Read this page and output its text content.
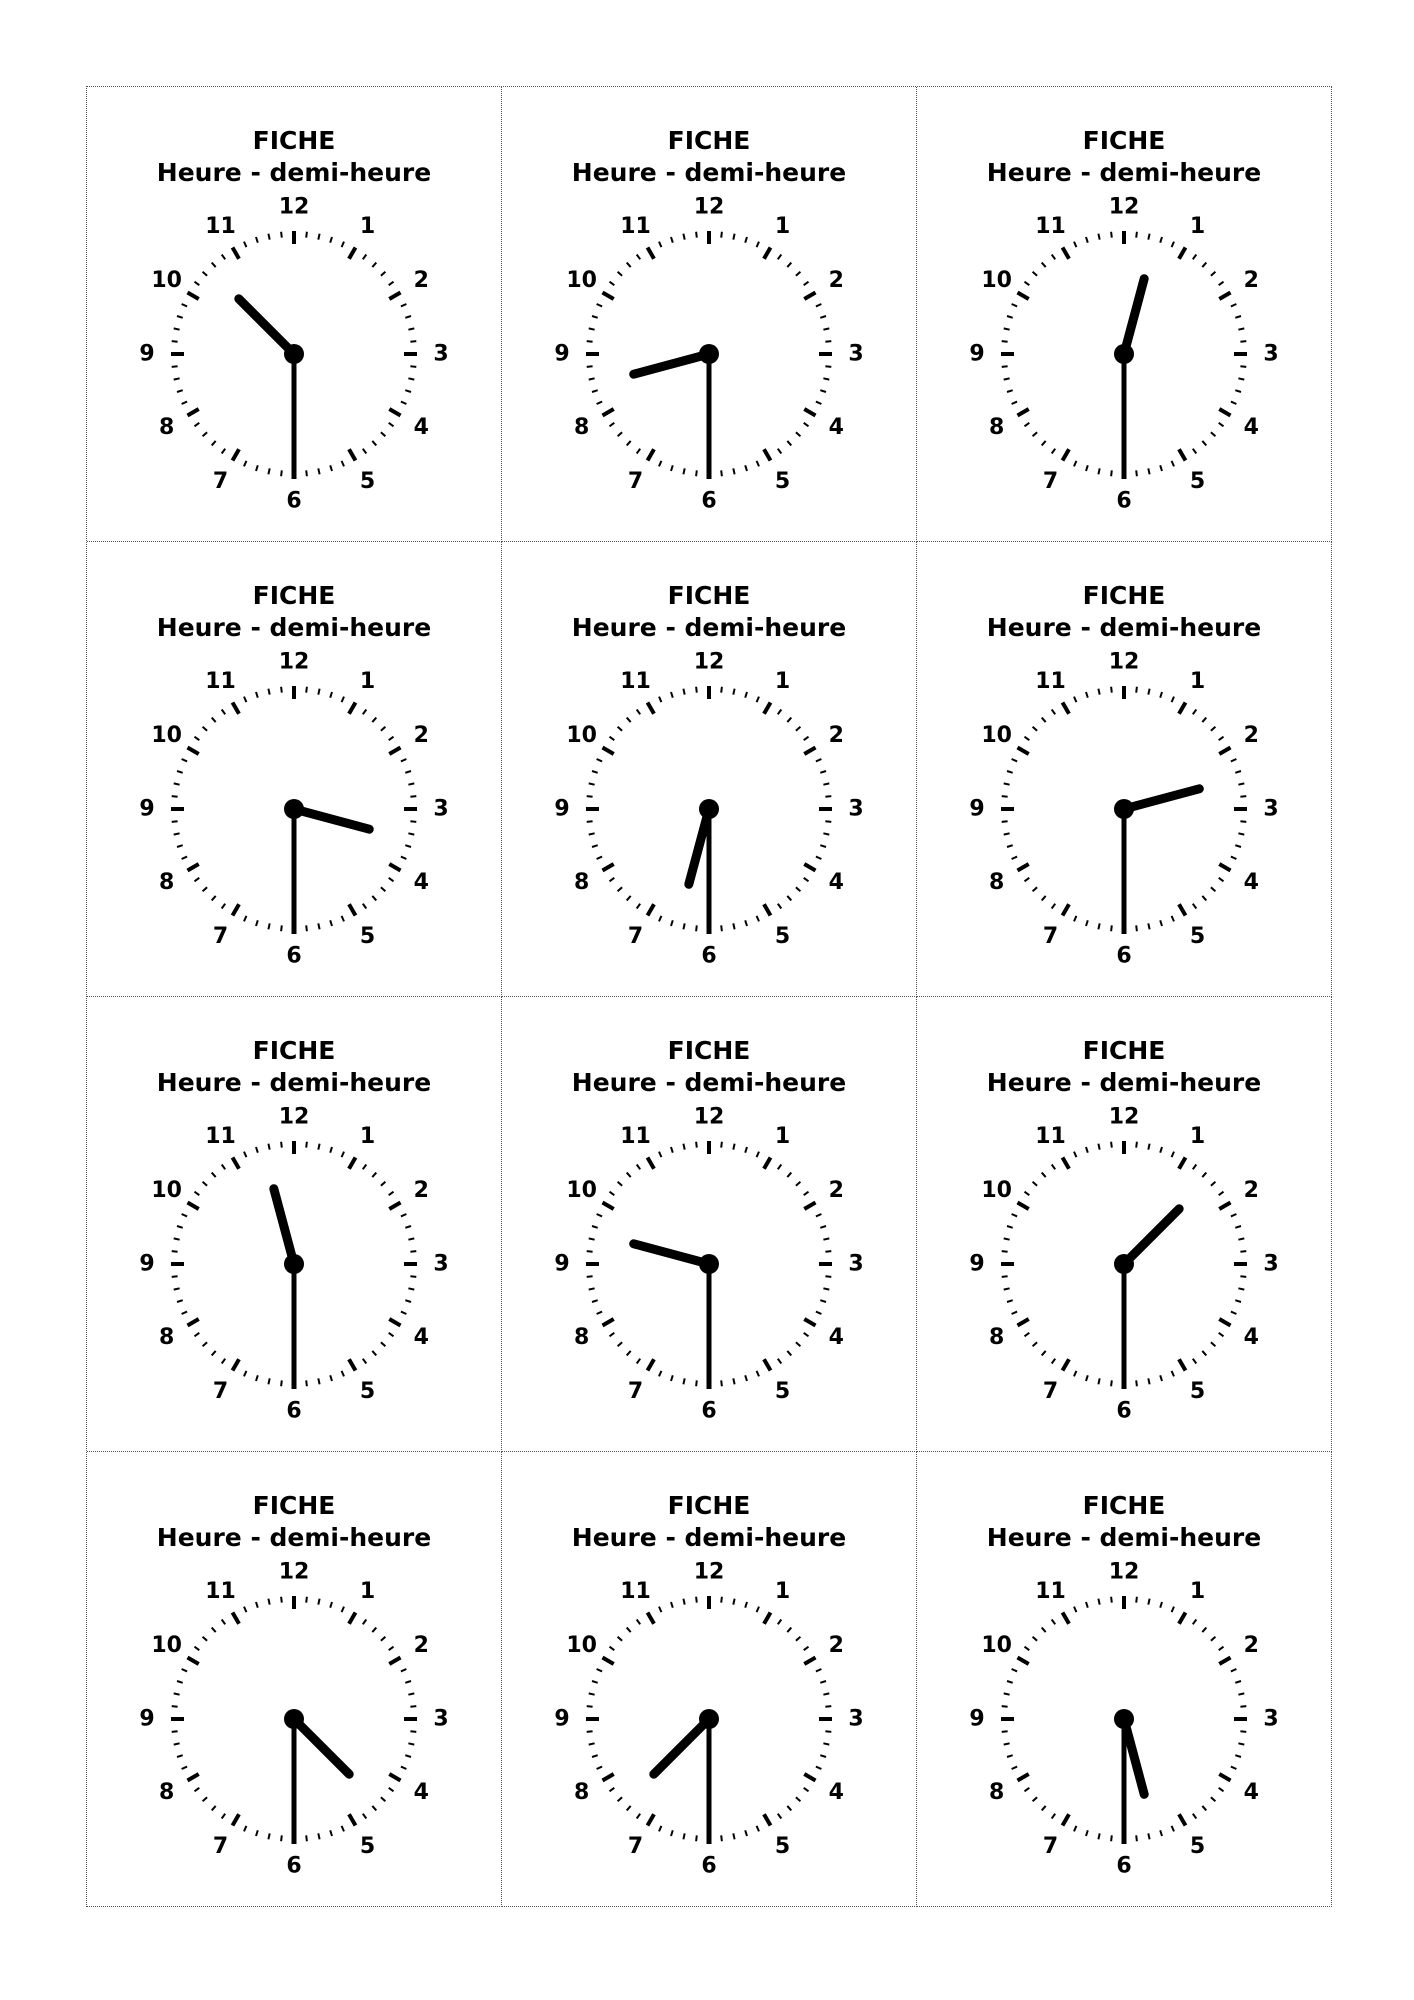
FICHE
Heure - demi-heure
12
1
2
3
4
5
6
7
8
9
10
11
FICHE
Heure - demi-heure
12
1
2
3
4
5
6
7
8
9
10
11
FICHE
Heure - demi-heure
12
1
2
3
4
5
6
7
8
9
10
11
FICHE
Heure - demi-heure
12
1
2
3
4
5
6
7
8
9
10
11
FICHE
Heure - demi-heure
12
1
2
3
4
5
6
7
8
9
10
11
FICHE
Heure - demi-heure
12
1
2
3
4
5
6
7
8
9
10
11
FICHE
Heure - demi-heure
12
1
2
3
4
5
6
7
8
9
10
11
FICHE
Heure - demi-heure
12
1
2
3
4
5
6
7
8
9
10
11
FICHE
Heure - demi-heure
12
1
2
3
4
5
6
7
8
9
10
11
FICHE
Heure - demi-heure
12
1
2
3
4
5
6
7
8
9
10
11
FICHE
Heure - demi-heure
12
1
2
3
4
5
6
7
8
9
10
11
FICHE
Heure - demi-heure
12
1
2
3
4
5
6
7
8
9
10
11
